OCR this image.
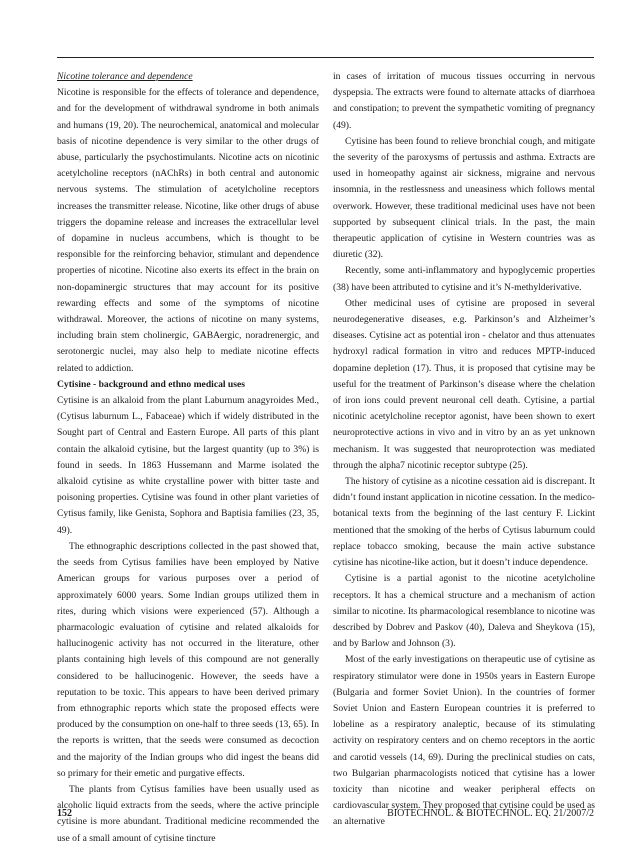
Nicotine tolerance and dependence

Nicotine is responsible for the effects of tolerance and dependence, and for the development of withdrawal syndrome in both animals and humans (19, 20). The neurochemical, anatomical and molecular basis of nicotine dependence is very similar to the other drugs of abuse, particularly the psychostimulants. Nicotine acts on nicotinic acetylcholine receptors (nAChRs) in both central and autonomic nervous systems. The stimulation of acetylcholine receptors increases the transmitter release. Nicotine, like other drugs of abuse triggers the dopamine release and increases the extracellular level of dopamine in nucleus accumbens, which is thought to be responsible for the reinforcing behavior, stimulant and dependence properties of nicotine. Nicotine also exerts its effect in the brain on non-dopaminergic structures that may account for its positive rewarding effects and some of the symptoms of nicotine withdrawal. Moreover, the actions of nicotine on many systems, including brain stem cholinergic, GABAergic, noradrenergic, and serotonergic nuclei, may also help to mediate nicotine effects related to addiction.

Cytisine - background and ethno medical uses

Cytisine is an alkaloid from the plant Laburnum anagyroides Med., (Cytisus laburnum L., Fabaceae) which if widely distributed in the Sought part of Central and Eastern Europe. All parts of this plant contain the alkaloid cytisine, but the largest quantity (up to 3%) is found in seeds. In 1863 Hussemann and Marme isolated the alkaloid cytisine as white crystalline power with bitter taste and poisoning properties. Cytisine was found in other plant varieties of Cytisus family, like Genista, Sophora and Baptisia families (23, 35, 49).

The ethnographic descriptions collected in the past showed that, the seeds from Cytisus families have been employed by Native American groups for various purposes over a period of approximately 6000 years. Some Indian groups utilized them in rites, during which visions were experienced (57). Although a pharmacologic evaluation of cytisine and related alkaloids for hallucinogenic activity has not occurred in the literature, other plants containing high levels of this compound are not generally considered to be hallucinogenic. However, the seeds have a reputation to be toxic. This appears to have been derived primary from ethnographic reports which state the proposed effects were produced by the consumption on one-half to three seeds (13, 65). In the reports is written, that the seeds were consumed as decoction and the majority of the Indian groups who did ingest the beans did so primary for their emetic and purgative effects.

The plants from Cytisus families have been usually used as alcoholic liquid extracts from the seeds, where the active principle cytisine is more abundant. Traditional medicine recommended the use of a small amount of cytisine tincture

in cases of irritation of mucous tissues occurring in nervous dyspepsia. The extracts were found to alternate attacks of diarrhoea and constipation; to prevent the sympathetic vomiting of pregnancy (49).

Cytisine has been found to relieve bronchial cough, and mitigate the severity of the paroxysms of pertussis and asthma. Extracts are used in homeopathy against air sickness, migraine and nervous insomnia, in the restlessness and uneasiness which follows mental overwork. However, these traditional medicinal uses have not been supported by subsequent clinical trials. In the past, the main therapeutic application of cytisine in Western countries was as diuretic (32).

Recently, some anti-inflammatory and hypoglycemic properties (38) have been attributed to cytisine and it’s N-methylderivative.

Other medicinal uses of cytisine are proposed in several neurodegenerative diseases, e.g. Parkinson’s and Alzheimer’s diseases. Cytisine act as potential iron - chelator and thus attenuates hydroxyl radical formation in vitro and reduces MPTP-induced dopamine depletion (17). Thus, it is proposed that cytisine may be useful for the treatment of Parkinson’s disease where the chelation of iron ions could prevent neuronal cell death. Cytisine, a partial nicotinic acetylcholine receptor agonist, have been shown to exert neuroprotective actions in vivo and in vitro by an as yet unknown mechanism. It was suggested that neuroprotection was mediated through the alpha7 nicotinic receptor subtype (25).

The history of cytisine as a nicotine cessation aid is discrepant. It didn’t found instant application in nicotine cessation. In the medico-botanical texts from the beginning of the last century F. Lickint mentioned that the smoking of the herbs of Cytisus laburnum could replace tobacco smoking, because the main active substance cytisine has nicotine-like action, but it doesn’t induce dependence.

Cytisine is a partial agonist to the nicotine acetylcholine receptors. It has a chemical structure and a mechanism of action similar to nicotine. Its pharmacological resemblance to nicotine was described by Dobrev and Paskov (40), Daleva and Sheykova (15), and by Barlow and Johnson (3).

Most of the early investigations on therapeutic use of cytisine as respiratory stimulator were done in 1950s years in Eastern Europe (Bulgaria and former Soviet Union). In the countries of former Soviet Union and Eastern European countries it is preferred to lobeline as a respiratory analeptic, because of its stimulating activity on respiratory centers and on chemo receptors in the aortic and carotid vessels (14, 69). During the preclinical studies on cats, two Bulgarian pharmacologists noticed that cytisine has a lower toxicity than nicotine and weaker peripheral effects on cardiovascular system. They proposed that cytisine could be used as an alternative

152	BIOTECHNOL. & BIOTECHNOL. EQ. 21/2007/2
